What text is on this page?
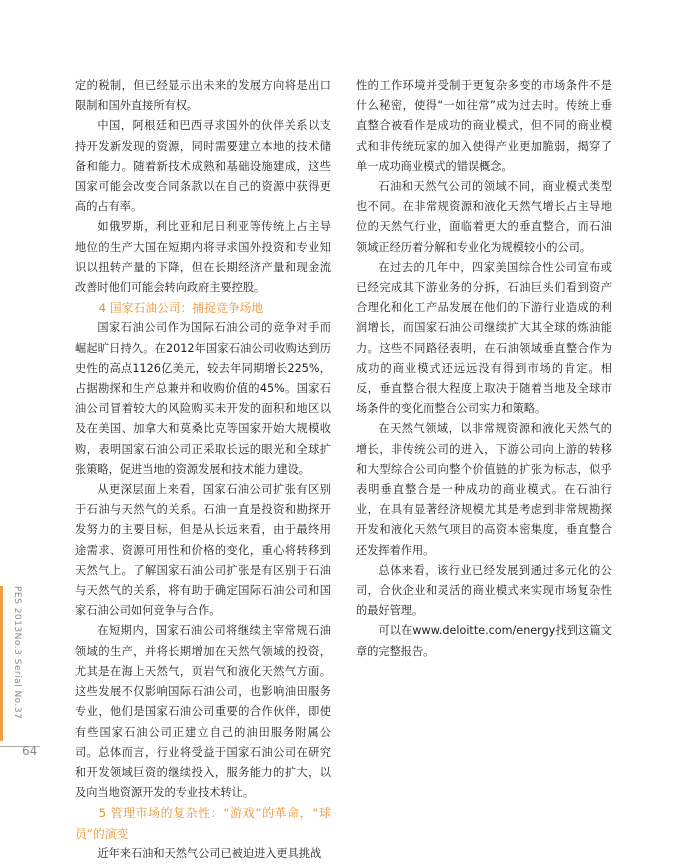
定的税制，但已经显示出未来的发展方向将是出口限制和国外直接所有权。

中国，阿根廷和巴西寻求国外的伙伴关系以支持开发新发现的资源，同时需要建立本地的技术储备和能力。随着新技术成熟和基础设施建成，这些国家可能会改变合同条款以在自己的资源中获得更高的占有率。

如俄罗斯，利比亚和尼日利亚等传统上占主导地位的生产大国在短期内将寻求国外投资和专业知识以扭转产量的下降，但在长期经济产量和现金流改善时他们可能会转向政府主要控股。

4 国家石油公司：捕捉竞争场地

国家石油公司作为国际石油公司的竞争对手而崛起旷日持久。在2012年国家石油公司收购达到历史性的高点1126亿美元，较去年同期增长225%，占据勘探和生产总兼并和收购价值的45%。国家石油公司冒着较大的风险购买未开发的面积和地区以及在美国、加拿大和莫桑比克等国家开始大规模收购，表明国家石油公司正采取长远的眼光和全球扩张策略，促进当地的资源发展和技术能力建设。

从更深层面上来看，国家石油公司扩张有区别于石油与天然气的关系。石油一直是投资和勘探开发努力的主要目标，但是从长远来看，由于最终用途需求、资源可用性和价格的变化，重心将转移到天然气上。了解国家石油公司扩张是有区别于石油与天然气的关系，将有助于确定国际石油公司和国家石油公司如何竞争与合作。

在短期内，国家石油公司将继续主宰常规石油领域的生产，并将长期增加在天然气领域的投资，尤其是在海上天然气，页岩气和液化天然气方面。这些发展不仅影响国际石油公司，也影响油田服务专业，他们是国家石油公司重要的合作伙伴，即使有些国家石油公司正建立自己的油田服务附属公司。总体而言，行业将受益于国家石油公司在研究和开发领域巨资的继续投入，服务能力的扩大，以及向当地资源开发的专业技术转让。

5 管理市场的复杂性：“游戏”的革命，“球员”的演变

近年来石油和天然气公司已被迫进入更具挑战

性的工作环境并受制于更复杂多变的市场条件不是什么秘密，使得“一如往常”成为过去时。传统上垂直整合被看作是成功的商业模式，但不同的商业模式和非传统玩家的加入使得产业更加脆弱，揭穿了单一成功商业模式的错误概念。

石油和天然气公司的领域不同，商业模式类型也不同。在非常规资源和液化天然气增长占主导地位的天然气行业，面临着更大的垂直整合，而石油领域正经历着分解和专业化为规模较小的公司。

在过去的几年中，四家美国综合性公司宣布或已经完成其下游业务的分拆，石油巨头们看到资产合理化和化工产品发展在他们的下游行业造成的利润增长，而国家石油公司继续扩大其全球的炼油能力。这些不同路径表明，在石油领域垂直整合作为成功的商业模式还远远没有得到市场的肯定。相反，垂直整合很大程度上取决于随着当地及全球市场条件的变化而整合公司实力和策略。

在天然气领域，以非常规资源和液化天然气的增长，非传统公司的进入，下游公司向上游的转移和大型综合公司向整个价值链的扩张为标志，似乎表明垂直整合是一种成功的商业模式。在石油行业，在具有显著经济规模尤其是考虑到非常规勘探开发和液化天然气项目的高资本密集度，垂直整合还发挥着作用。

总体来看，该行业已经发展到通过多元化的公司，合伙企业和灵活的商业模式来实现市场复杂性的最好管理。

可以在www.deloitte.com/energy找到这篇文章的完整报告。

PES 2013No.3 Serial No.37
64
